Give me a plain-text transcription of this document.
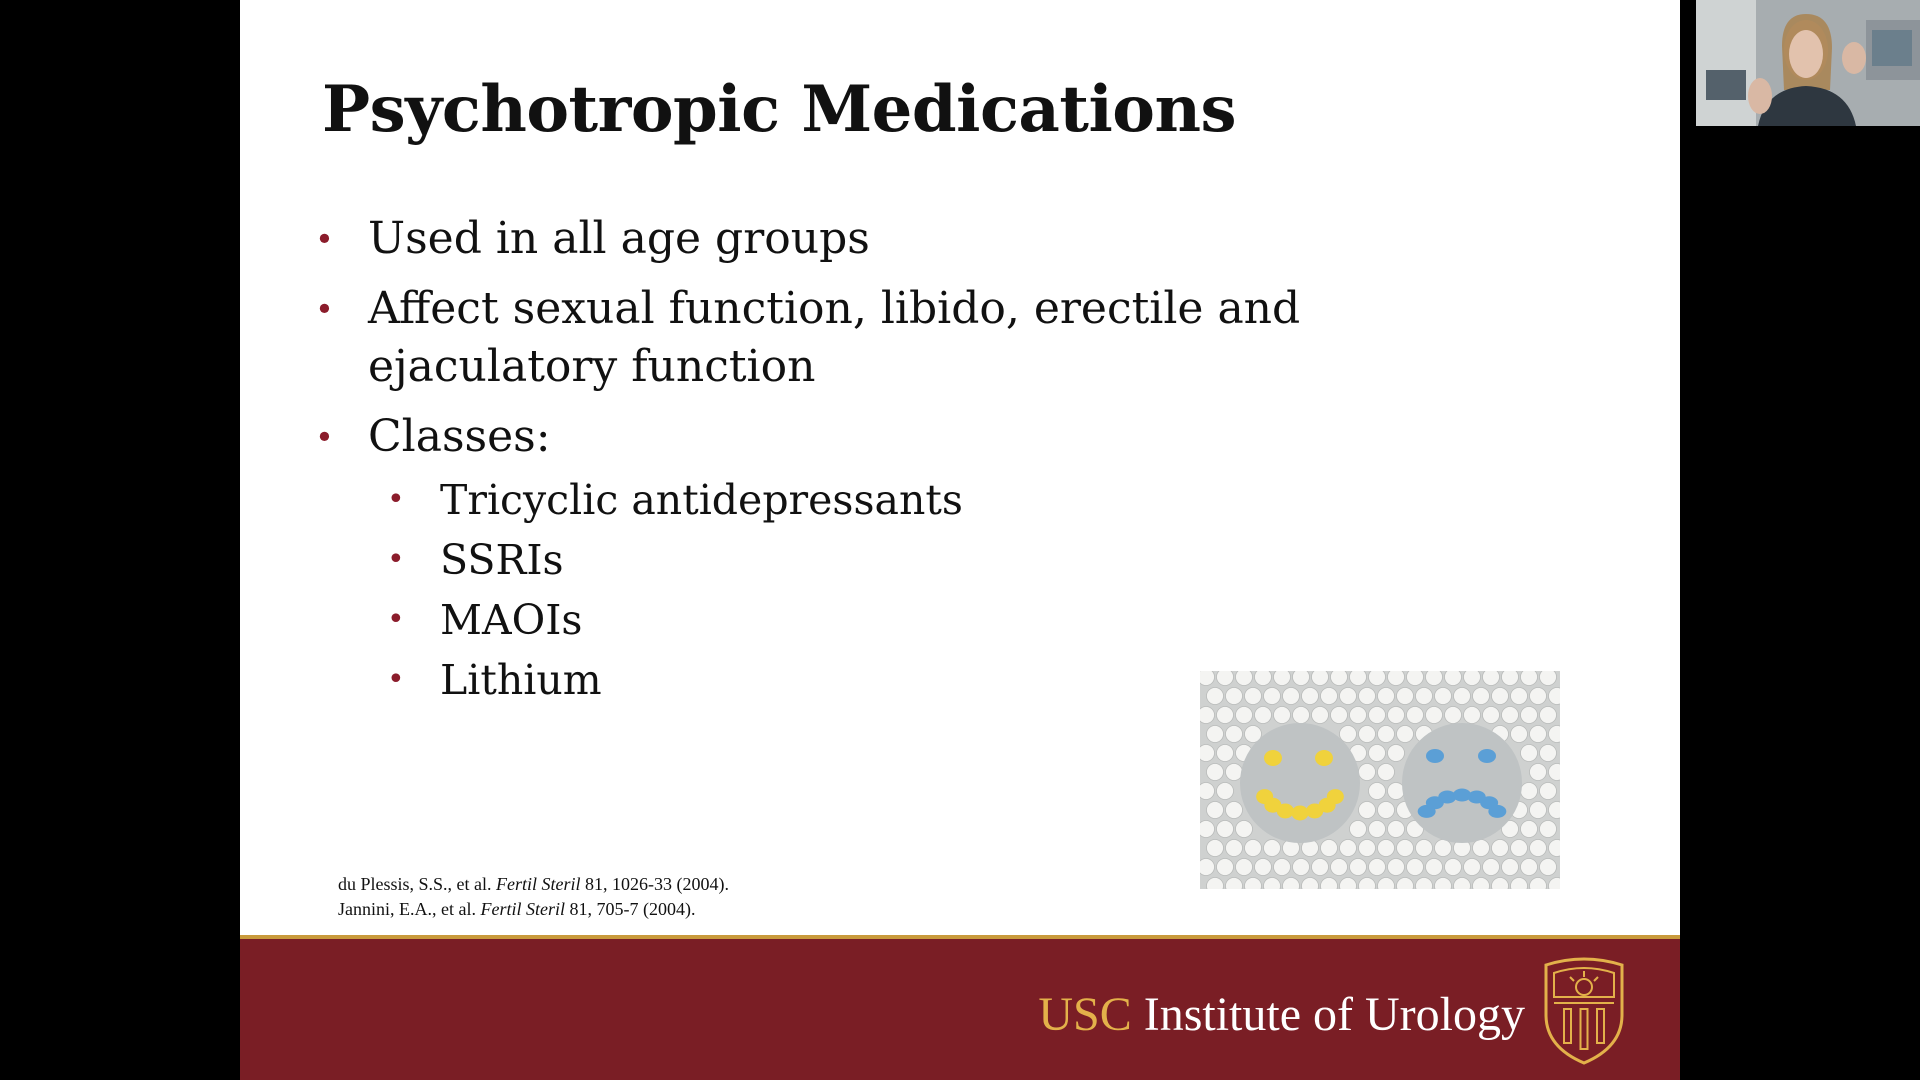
Psychotropic Medications
• Used in all age groups
• Affect sexual function, libido, erectile and ejaculatory function
• Classes:
• Tricyclic antidepressants
• SSRIs
• MAOIs
• Lithium
du Plessis, S.S., et al. Fertil Steril 81, 1026-33 (2004).
Jannini, E.A., et al. Fertil Steril 81, 705-7 (2004).
USC Institute of Urology
